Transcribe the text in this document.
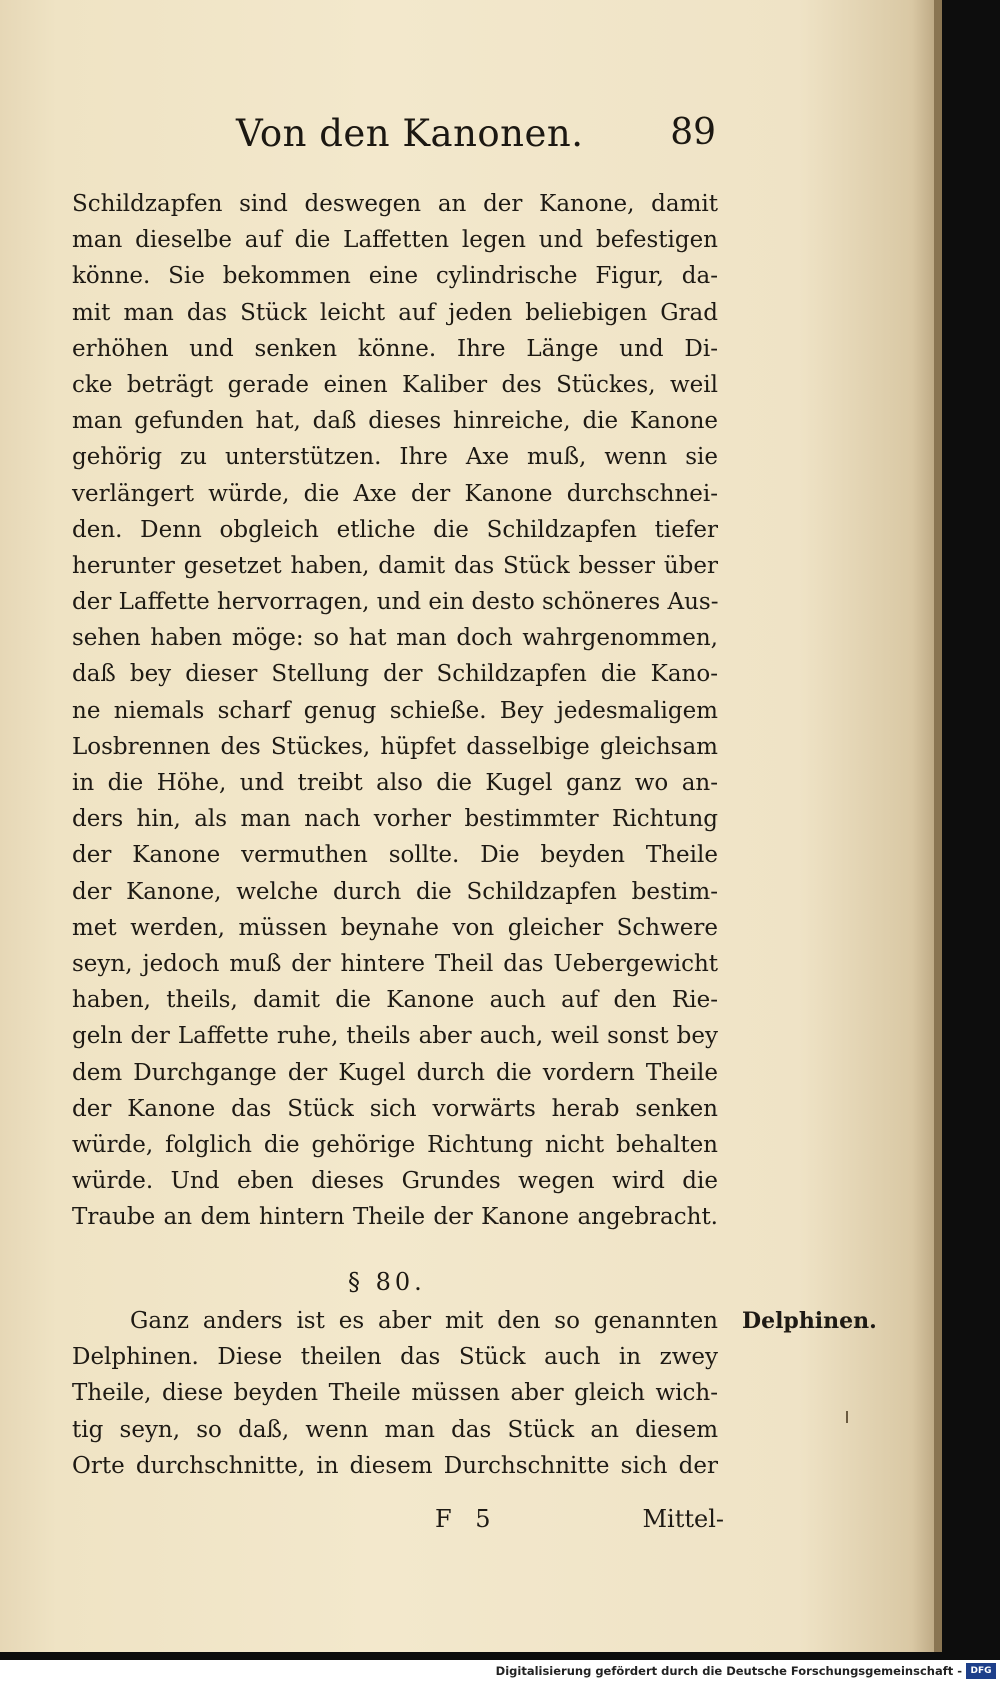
Von den Kanonen. 89
Schildzapfen sind deswegen an der Kanone, damit
man dieselbe auf die Laffetten legen und befestigen
könne. Sie bekommen eine cylindrische Figur, da-
mit man das Stück leicht auf jeden beliebigen Grad
erhöhen und senken könne. Ihre Länge und Di-
cke beträgt gerade einen Kaliber des Stückes, weil
man gefunden hat, daß dieses hinreiche, die Kanone
gehörig zu unterstützen. Ihre Axe muß, wenn sie
verlängert würde, die Axe der Kanone durchschnei-
den. Denn obgleich etliche die Schildzapfen tiefer
herunter gesetzet haben, damit das Stück besser über
der Laffette hervorragen, und ein desto schöneres Aus-
sehen haben möge: so hat man doch wahrgenommen,
daß bey dieser Stellung der Schildzapfen die Kano-
ne niemals scharf genug schieße. Bey jedesmaligem
Losbrennen des Stückes, hüpfet dasselbige gleichsam
in die Höhe, und treibt also die Kugel ganz wo an-
ders hin, als man nach vorher bestimmter Richtung
der Kanone vermuthen sollte. Die beyden Theile
der Kanone, welche durch die Schildzapfen bestim-
met werden, müssen beynahe von gleicher Schwere
seyn, jedoch muß der hintere Theil das Uebergewicht
haben, theils, damit die Kanone auch auf den Rie-
geln der Laffette ruhe, theils aber auch, weil sonst bey
dem Durchgange der Kugel durch die vordern Theile
der Kanone das Stück sich vorwärts herab senken
würde, folglich die gehörige Richtung nicht behalten
würde. Und eben dieses Grundes wegen wird die
Traube an dem hintern Theile der Kanone angebracht.
§ 80.
Ganz anders ist es aber mit den so genannten
Delphinen. Diese theilen das Stück auch in zwey
Theile, diese beyden Theile müssen aber gleich wich-
tig seyn, so daß, wenn man das Stück an diesem
Orte durchschnitte, in diesem Durchschnitte sich der
Delphinen.
F 5	Mittel-
Digitalisierung gefördert durch die Deutsche Forschungsgemeinschaft - DFG
